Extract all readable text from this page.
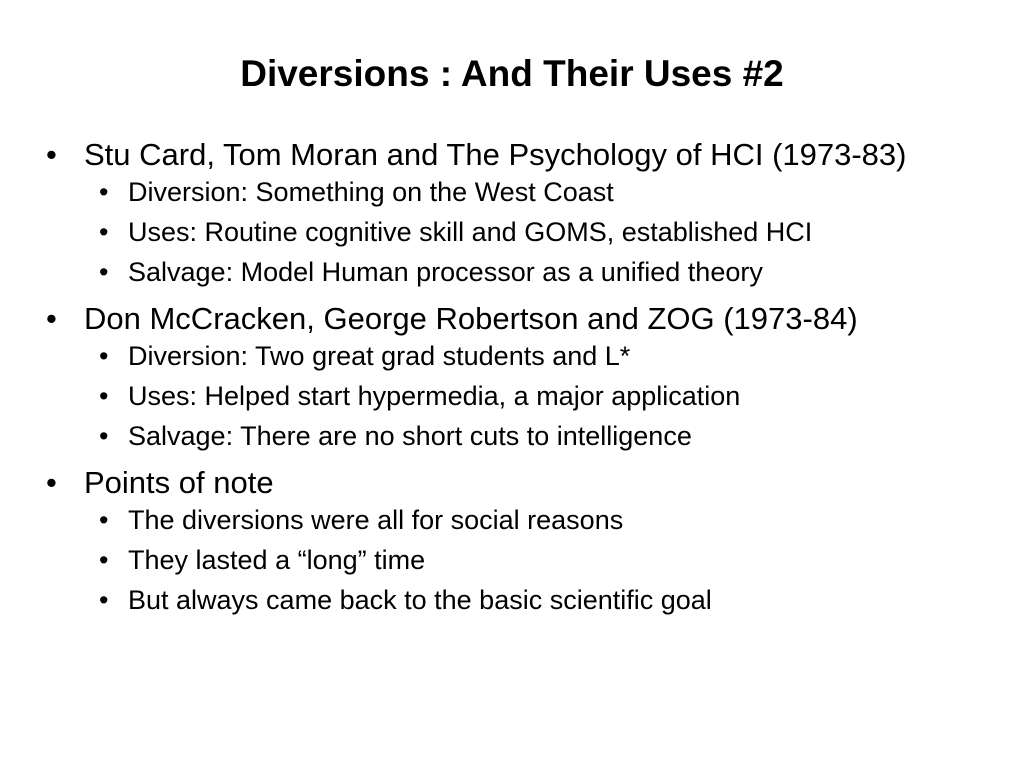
Diversions : And Their Uses #2
• Stu Card, Tom Moran and The Psychology of HCI (1973-83)
• Diversion: Something on the West Coast
• Uses: Routine cognitive skill and GOMS, established HCI
• Salvage: Model Human processor as a unified theory
• Don McCracken, George Robertson and ZOG (1973-84)
• Diversion: Two great grad students and L*
• Uses: Helped start hypermedia, a major application
• Salvage: There are no short cuts to intelligence
• Points of note
• The diversions were all for social reasons
• They lasted a “long” time
• But always came back to the basic scientific goal
